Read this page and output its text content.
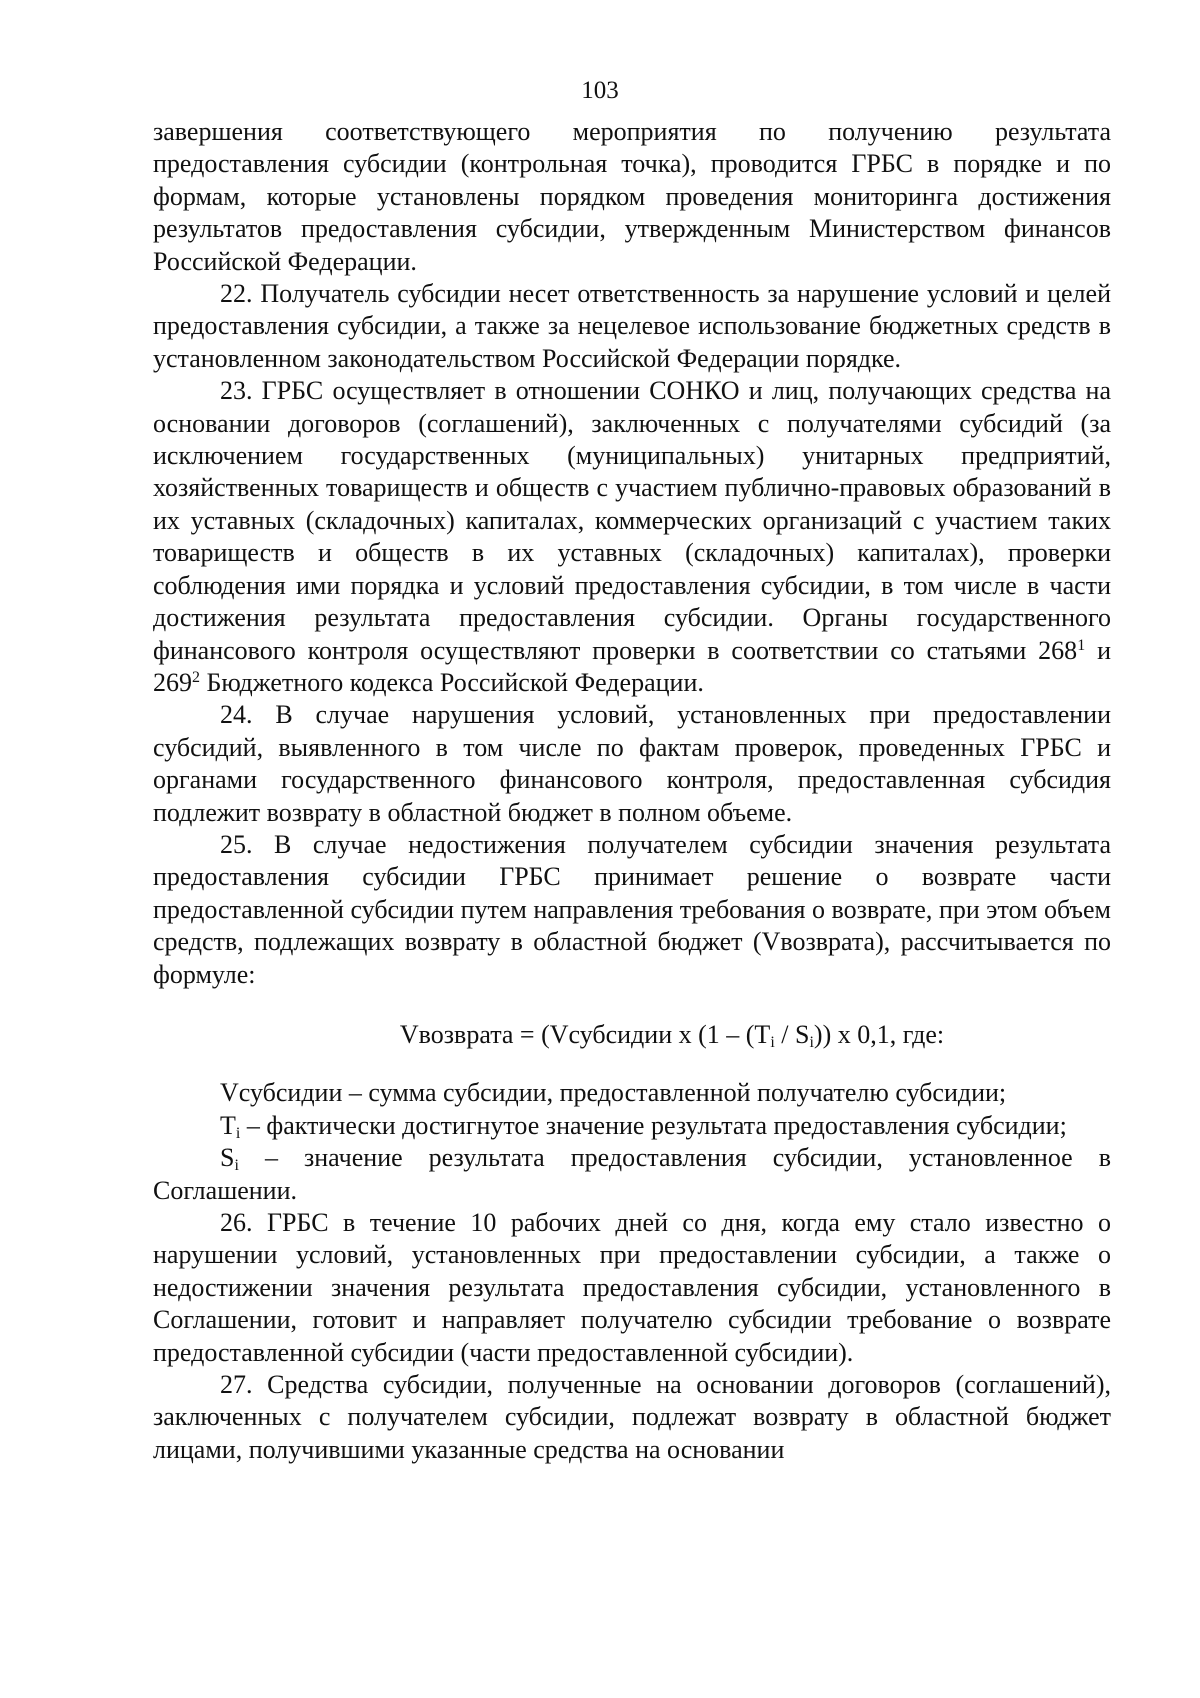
103

завершения соответствующего мероприятия по получению результата предоставления субсидии (контрольная точка), проводится ГРБС в порядке и по формам, которые установлены порядком проведения мониторинга достижения результатов предоставления субсидии, утвержденным Министерством финансов Российской Федерации.

22. Получатель субсидии несет ответственность за нарушение условий и целей предоставления субсидии, а также за нецелевое использование бюджетных средств в установленном законодательством Российской Федерации порядке.

23. ГРБС осуществляет в отношении СОНКО и лиц, получающих средства на основании договоров (соглашений), заключенных с получателями субсидий (за исключением государственных (муниципальных) унитарных предприятий, хозяйственных товариществ и обществ с участием публично-правовых образований в их уставных (складочных) капиталах, коммерческих организаций с участием таких товариществ и обществ в их уставных (складочных) капиталах), проверки соблюдения ими порядка и условий предоставления субсидии, в том числе в части достижения результата предоставления субсидии. Органы государственного финансового контроля осуществляют проверки в соответствии со статьями $268^1$ и $269^2$ Бюджетного кодекса Российской Федерации.

24. В случае нарушения условий, установленных при предоставлении субсидий, выявленного в том числе по фактам проверок, проведенных ГРБС и органами государственного финансового контроля, предоставленная субсидия подлежит возврату в областной бюджет в полном объеме.

25. В случае недостижения получателем субсидии значения результата предоставления субсидии ГРБС принимает решение о возврате части предоставленной субсидии путем направления требования о возврате, при этом объем средств, подлежащих возврату в областной бюджет (Vвозврата), рассчитывается по формуле:

Vвозврата = (Vсубсидии х $(1 - (T_i / S_i))$ х 0,1, где:

Vсубсидии – сумма субсидии, предоставленной получателю субсидии;

$T_i$ – фактически достигнутое значение результата предоставления субсидии;

$S_i$ – значение результата предоставления субсидии, установленное в Соглашении.

26. ГРБС в течение 10 рабочих дней со дня, когда ему стало известно о нарушении условий, установленных при предоставлении субсидии, а также о недостижении значения результата предоставления субсидии, установленного в Соглашении, готовит и направляет получателю субсидии требование о возврате предоставленной субсидии (части предоставленной субсидии).

27. Средства субсидии, полученные на основании договоров (соглашений), заключенных с получателем субсидии, подлежат возврату в областной бюджет лицами, получившими указанные средства на основании
